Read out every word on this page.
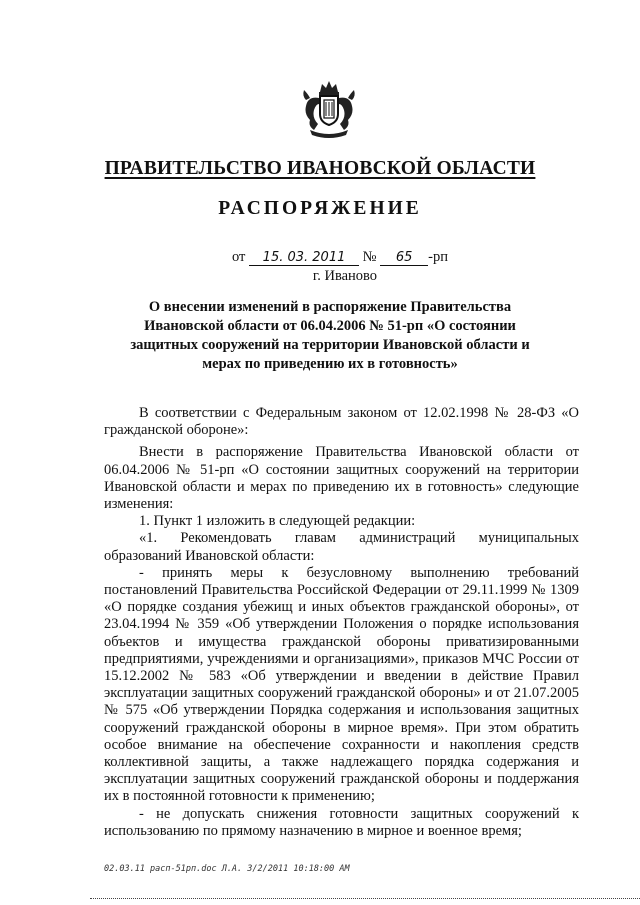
ПРАВИТЕЛЬСТВО ИВАНОВСКОЙ ОБЛАСТИ
РАСПОРЯЖЕНИЕ
от 15. 03. 2011 № 65 -рп
г. Иваново
О внесении изменений в распоряжение Правительства Ивановской области от 06.04.2006 № 51-рп «О состоянии защитных сооружений на территории Ивановской области и мерах по приведению их в готовность»

В соответствии с Федеральным законом от 12.02.1998 № 28-ФЗ «О гражданской обороне»:

Внести в распоряжение Правительства Ивановской области от 06.04.2006 № 51-рп «О состоянии защитных сооружений на территории Ивановской области и мерах по приведению их в готовность» следующие изменения:

1. Пункт 1 изложить в следующей редакции:

«1. Рекомендовать главам администраций муниципальных образований Ивановской области:

- принять меры к безусловному выполнению требований постановлений Правительства Российской Федерации от 29.11.1999 № 1309 «О порядке создания убежищ и иных объектов гражданской обороны», от 23.04.1994 № 359 «Об утверждении Положения о порядке использования объектов и имущества гражданской обороны приватизированными предприятиями, учреждениями и организациями», приказов МЧС России от 15.12.2002 № 583 «Об утверждении и введении в действие Правил эксплуатации защитных сооружений гражданской обороны» и от 21.07.2005 № 575 «Об утверждении Порядка содержания и использования защитных сооружений гражданской обороны в мирное время». При этом обратить особое внимание на обеспечение сохранности и накопления средств коллективной защиты, а также надлежащего порядка содержания и эксплуатации защитных сооружений гражданской обороны и поддержания их в постоянной готовности к применению;

- не допускать снижения готовности защитных сооружений к использованию по прямому назначению в мирное и военное время;

02.03.11 расп-51рп.doc Л.А. 3/2/2011 10:18:00 AM
